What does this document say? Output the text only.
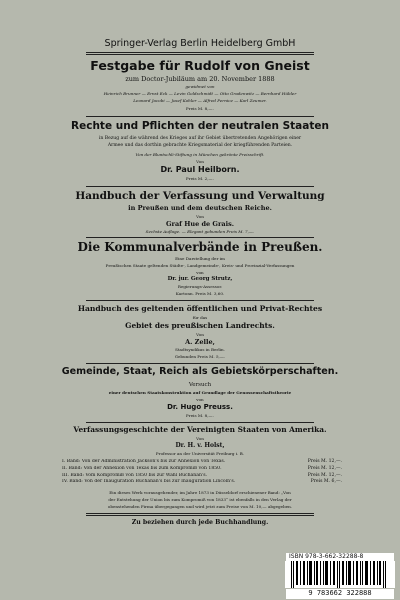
Springer-Verlag Berlin Heidelberg GmbH
Festgabe für Rudolf von Gneist
zum Doctor-Jubiläum am 20. November 1888
gewidmet von
Heinrich Brunner — Ernst Eck — Levin Goldschmidt — Otto Gradenwitz — Bernhard Hübler
Leonard Jacobi — Josef Kohler — Alfred Pernice — Karl Zeumer.
Preis M. 8,—.
Rechte und Pflichten der neutralen Staaten
in Bezug auf die während des Krieges auf ihr Gebiet übertretenden Angehörigen einer
Armee und das dorthin gebrachte Kriegsmaterial der kriegführenden Parteien.
Von der Bluntschli-Stiftung in München gekrönte Preisschrift.
Von
Dr. Paul Heilborn.
Preis M. 2,—.
Handbuch der Verfassung und Verwaltung
in Preußen und dem deutschen Reiche.
Von
Graf Hue de Grais.
Sechste Auflage. — Elegant gebunden Preis M. 7,—.
Die Kommunalverbände in Preußen.
Eine Darstellung der im
Preußischen Staate geltenden Städte-, Landgemeinde-, Kreis- und Provinzial-Verfassungen
von
Dr. jur. Georg Strutz,
Regierungs-Assessor.
Kartonn. Preis M. 3,60.
Handbuch des geltenden öffentlichen und Privat-Rechtes
für das
Gebiet des preußischen Landrechts.
Von
A. Zelle,
Stadtsyndikus in Berlin.
Gebunden Preis M. 5,—.
Gemeinde, Staat, Reich als Gebietskörperschaften.
Versuch
einer deutschen Staatskonstruktion auf Grundlage der Genossenschaftstheorie
von
Dr. Hugo Preuss.
Preis M. 8,—.
Verfassungsgeschichte der Vereinigten Staaten von Amerika.
Von
Dr. H. v. Holst,
Professor an der Universität Freiburg i. B.
I. Band: Von der Administration Jackson's bis zur Annexion von Texas.	Preis M. 12,—.
II. Band: Von der Annexion von Texas bis zum Kompromiß von 1850.	Preis M. 12,—.
III. Band: Vom Kompromiß von 1850 bis zur Wahl Buchanan's.	Preis M. 12,—.
IV. Band: Von der Inauguration Buchanan's bis zur Inauguration Lincoln's.	Preis M. 6,—.
Ein dieses Werk vorausgehender, im Jahre 1873 in Düsseldorf erschienener Band: „Von
der Entstehung der Union bis zum Kompromiß von 1833“ ist ebenfalls in den Verlag der
obenstehenden Firma übergegangen und wird jetzt zum Preise von M. 10,— abgegeben.
Zu beziehen durch jede Buchhandlung.
ISBN 978-3-662-32288-8
9 783662 322888
